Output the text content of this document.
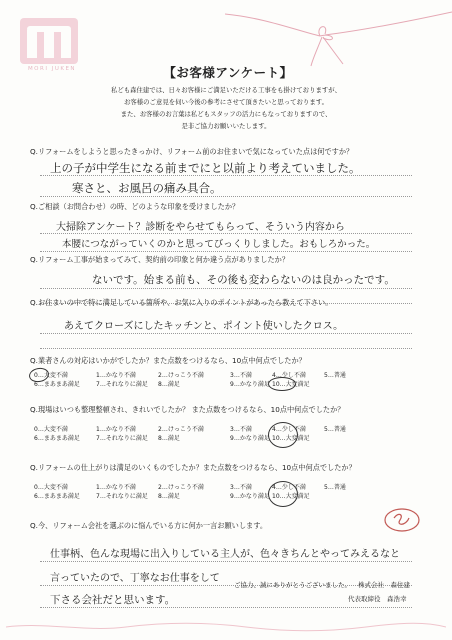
MORI JUKEN	【お客様アンケート】
私ども森住建では、日々お客様にご満足いただける工事をも掛けておりますが、
お客様のご意見を伺い今後の参考にさせて頂きたいと思っております。
また、お客様のお言葉は私どもスタッフの活力にもなっておりますので、
是非ご協力お願いいたします。
Q.リフォームをしようと思ったきっかけ、リフォーム前のお住まいで気になっていた点は何ですか？
上の子が中学生になる前までにと以前より考えていました。
寒さと、お風呂の痛み具合。
Q.ご相談（お問合わせ）の時、どのような印象を受けましたか？
大掃除アンケート？診断をやらせてもらって、そういう内容から
本腰につながっていくのかと思ってびっくりしました。おもしろかった。
Q.リフォーム工事が始まってみて、契約前の印象と何か違う点がありましたか？
ないです。始まる前も、その後も変わらないのは良かったです。
Q.お住まいの中で特に満足している箇所や、お気に入りのポイントがあったら教えて下さい。
あえてクローズにしたキッチンと、ポイント使いしたクロス。
Q.業者さんの対応はいかがでしたか？また点数をつけるなら、10点中何点でしたか？
0…大変不満	1…かなり不満	2…けっこう不満	3…不満	4…少し不満	5…普通
6…まあまあ満足	7…それなりに満足 8…満足	9…かなり満足 10…大変満足
Q.現場はいつも整理整頓され、きれいでしたか？ また点数をつけるなら、10点中何点でしたか？
0…大変不満	1…かなり不満	2…けっこう不満	3…不満	4…少し不満	5…普通
6…まあまあ満足	7…それなりに満足 8…満足	9…かなり満足 10…大変満足
Q.リフォームの仕上がりは満足のいくものでしたか？また点数をつけるなら、10点中何点でしたか？
0…大変不満	1…かなり不満	2…けっこう不満	3…不満	4…少し不満	5…普通
6…まあまあ満足	7…それなりに満足 8…満足	9…かなり満足 10…大変満足
Q.今、リフォーム会社を選ぶのに悩んでいる方に何か一言お願いします。
仕事柄、色んな現場に出入りしている主人が、色々きちんとやってみえるなと
言っていたので、丁寧なお仕事をして
下さる会社だと思います。
ご協力、誠にありがとうございました。 株式会社　森住建
代表取締役　森浩幸
